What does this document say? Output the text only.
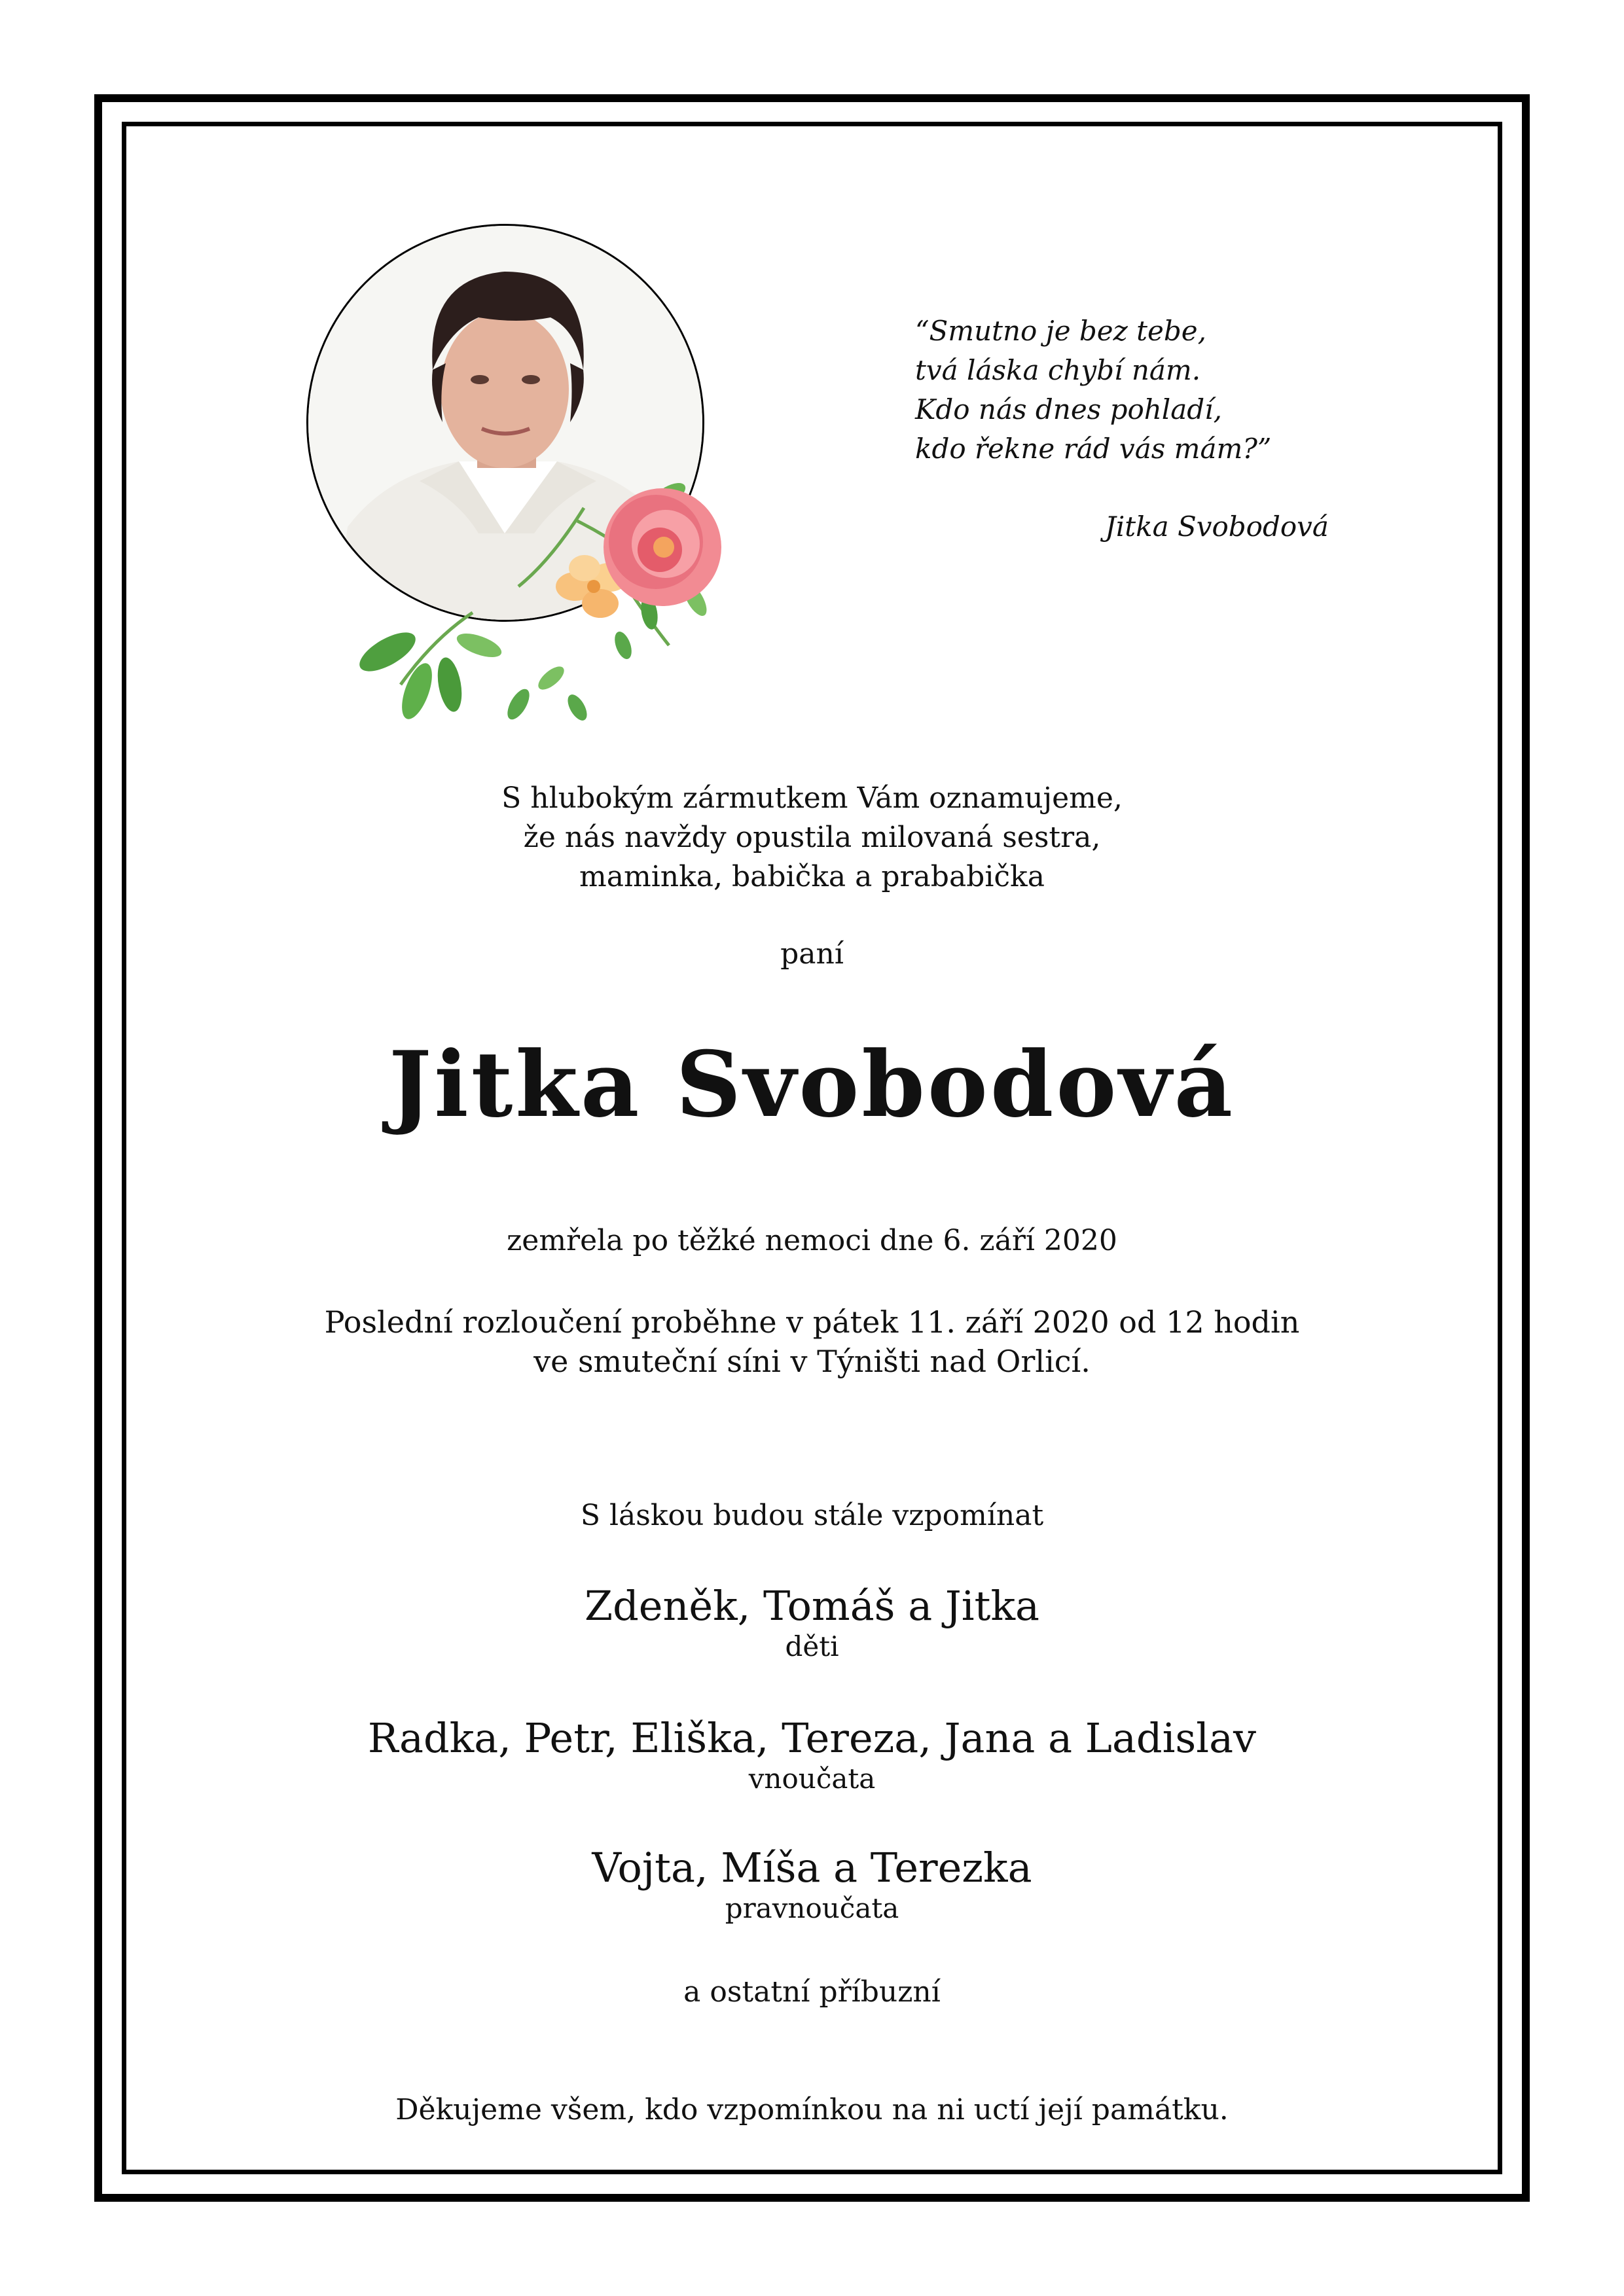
“Smutno je bez tebe,
tvá láska chybí nám.
Kdo nás dnes pohladí,
kdo řekne rád vás mám?”
Jitka Svobodová
S hlubokým zármutkem Vám oznamujeme,
že nás navždy opustila milovaná sestra,
maminka, babička a prababička
paní
Jitka Svobodová
zemřela po těžké nemoci dne 6. září 2020
Poslední rozloučení proběhne v pátek 11. září 2020 od 12 hodin
ve smuteční síni v Týništi nad Orlicí.
S láskou budou stále vzpomínat
Zdeněk, Tomáš a Jitka
děti
Radka, Petr, Eliška, Tereza, Jana a Ladislav
vnoučata
Vojta, Míša a Terezka
pravnoučata
a ostatní příbuzní
Děkujeme všem, kdo vzpomínkou na ni uctí její památku.
